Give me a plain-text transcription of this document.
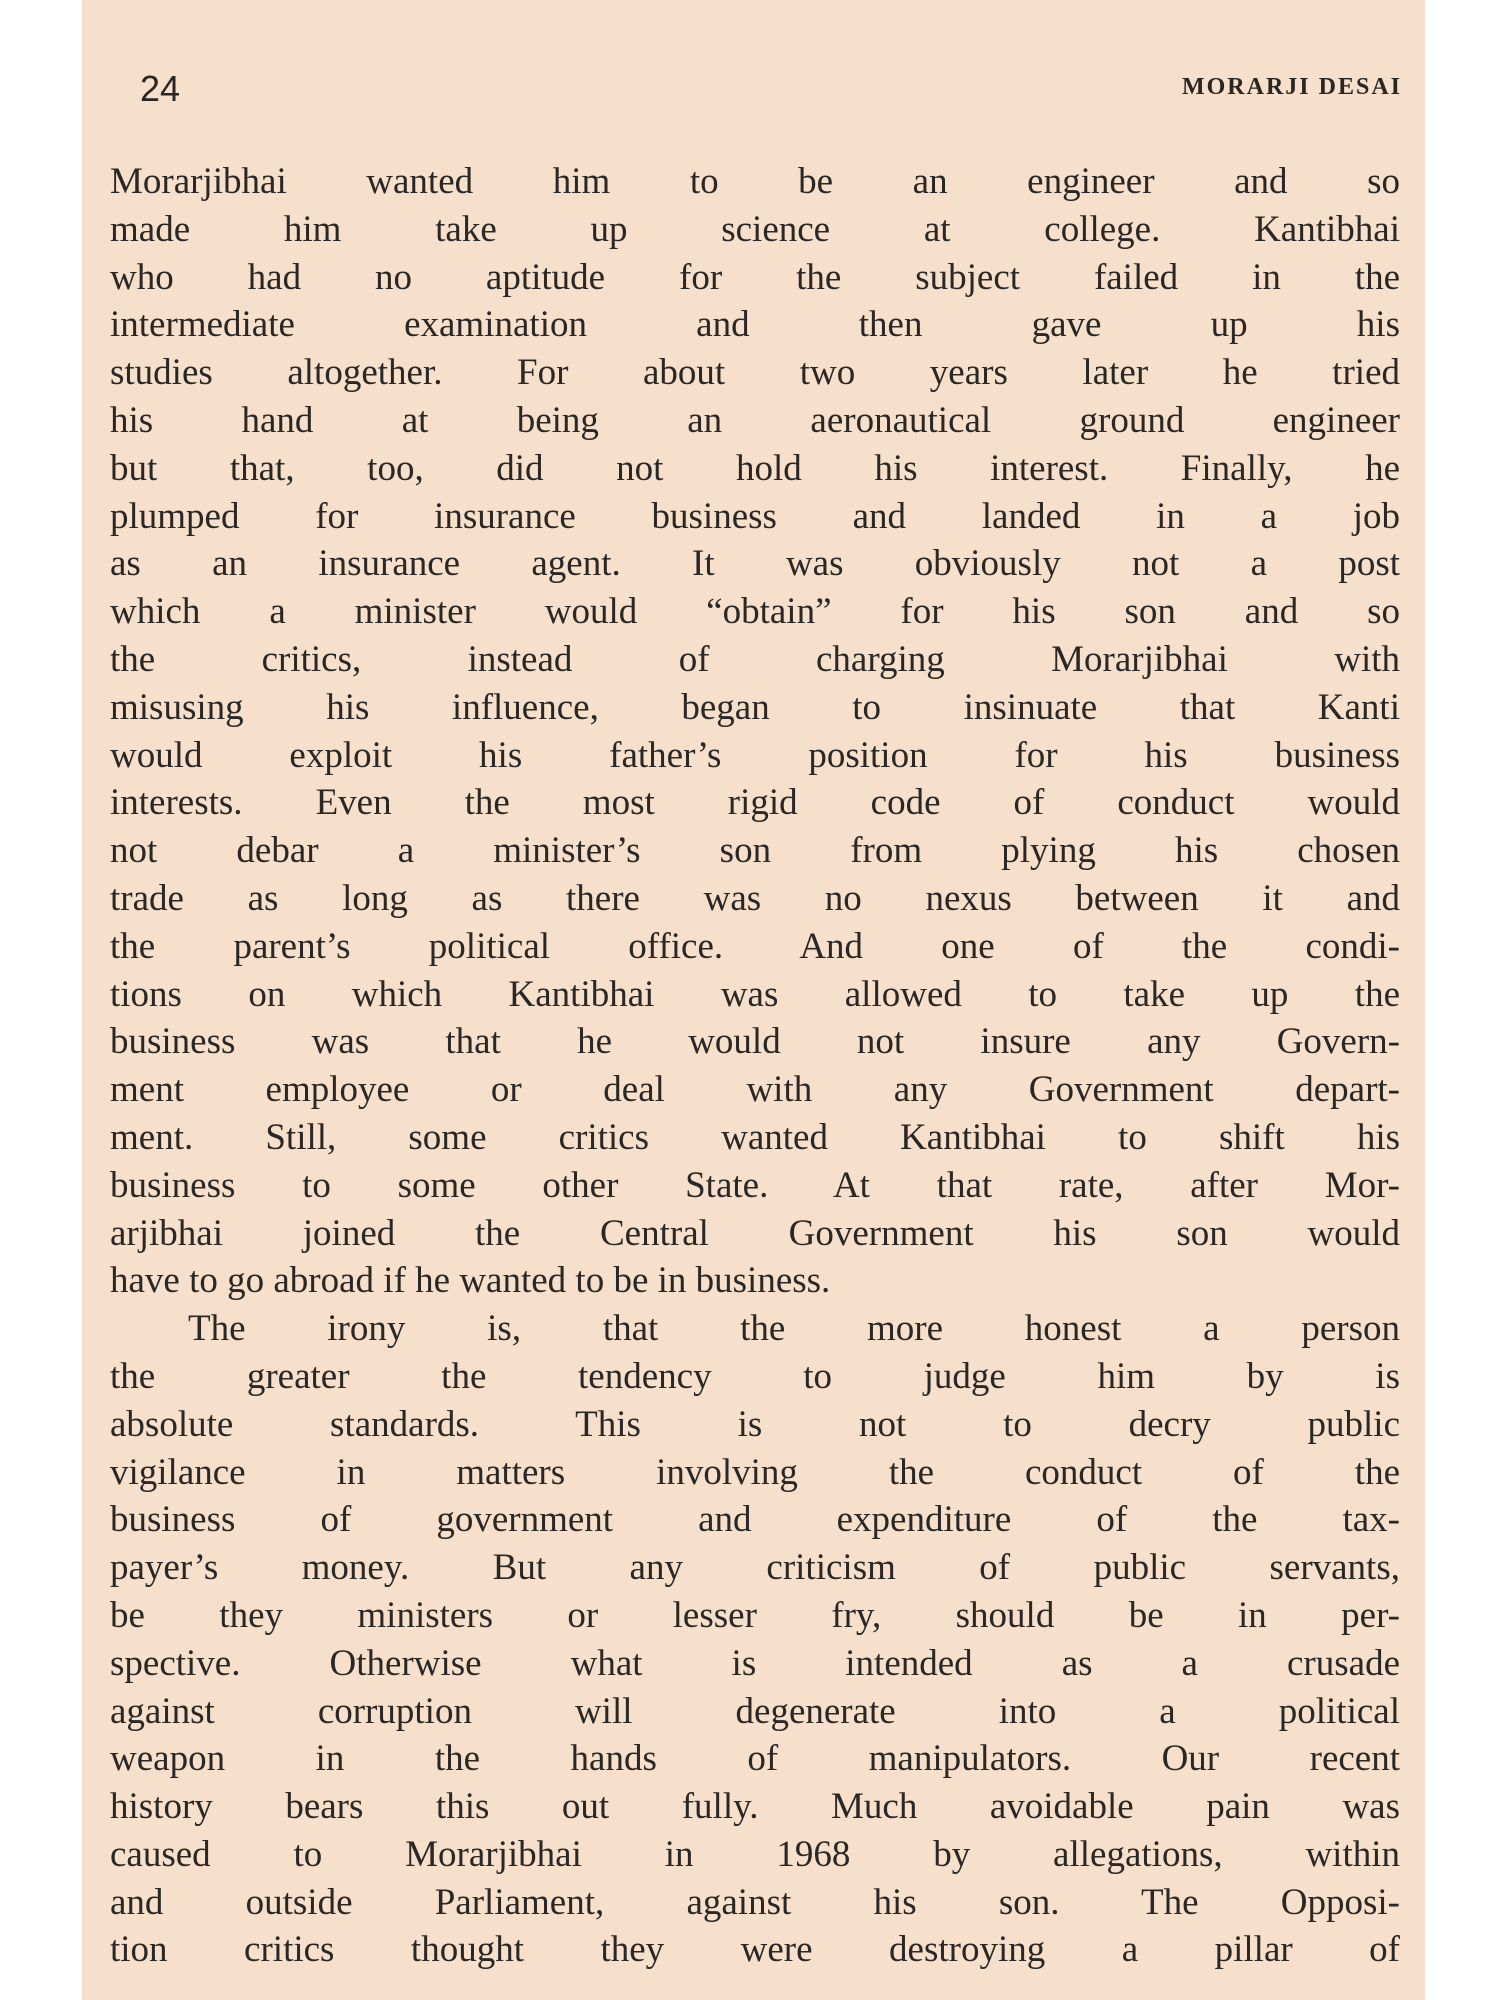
24	MORARJI DESAI
Morarjibhai wanted him to be an engineer and so
made him take up science at college. Kantibhai
who had no aptitude for the subject failed in the
intermediate examination and then gave up his
studies altogether. For about two years later he tried
his hand at being an aeronautical ground engineer
but that, too, did not hold his interest. Finally, he
plumped for insurance business and landed in a job
as an insurance agent. It was obviously not a post
which a minister would “obtain” for his son and so
the critics, instead of charging Morarjibhai with
misusing his influence, began to insinuate that Kanti
would exploit his father’s position for his business
interests. Even the most rigid code of conduct would
not debar a minister’s son from plying his chosen
trade as long as there was no nexus between it and
the parent’s political office. And one of the condi-
tions on which Kantibhai was allowed to take up the
business was that he would not insure any Govern-
ment employee or deal with any Government depart-
ment. Still, some critics wanted Kantibhai to shift his
business to some other State. At that rate, after Mor-
arjibhai joined the Central Government his son would
have to go abroad if he wanted to be in business.
The irony is, that the more honest a person
the greater the tendency to judge him by is
absolute standards. This is not to decry public
vigilance in matters involving the conduct of the
business of government and expenditure of the tax-
payer’s money. But any criticism of public servants,
be they ministers or lesser fry, should be in per-
spective. Otherwise what is intended as a crusade
against corruption will degenerate into a political
weapon in the hands of manipulators. Our recent
history bears this out fully. Much avoidable pain was
caused to Morarjibhai in 1968 by allegations, within
and outside Parliament, against his son. The Opposi-
tion critics thought they were destroying a pillar of
